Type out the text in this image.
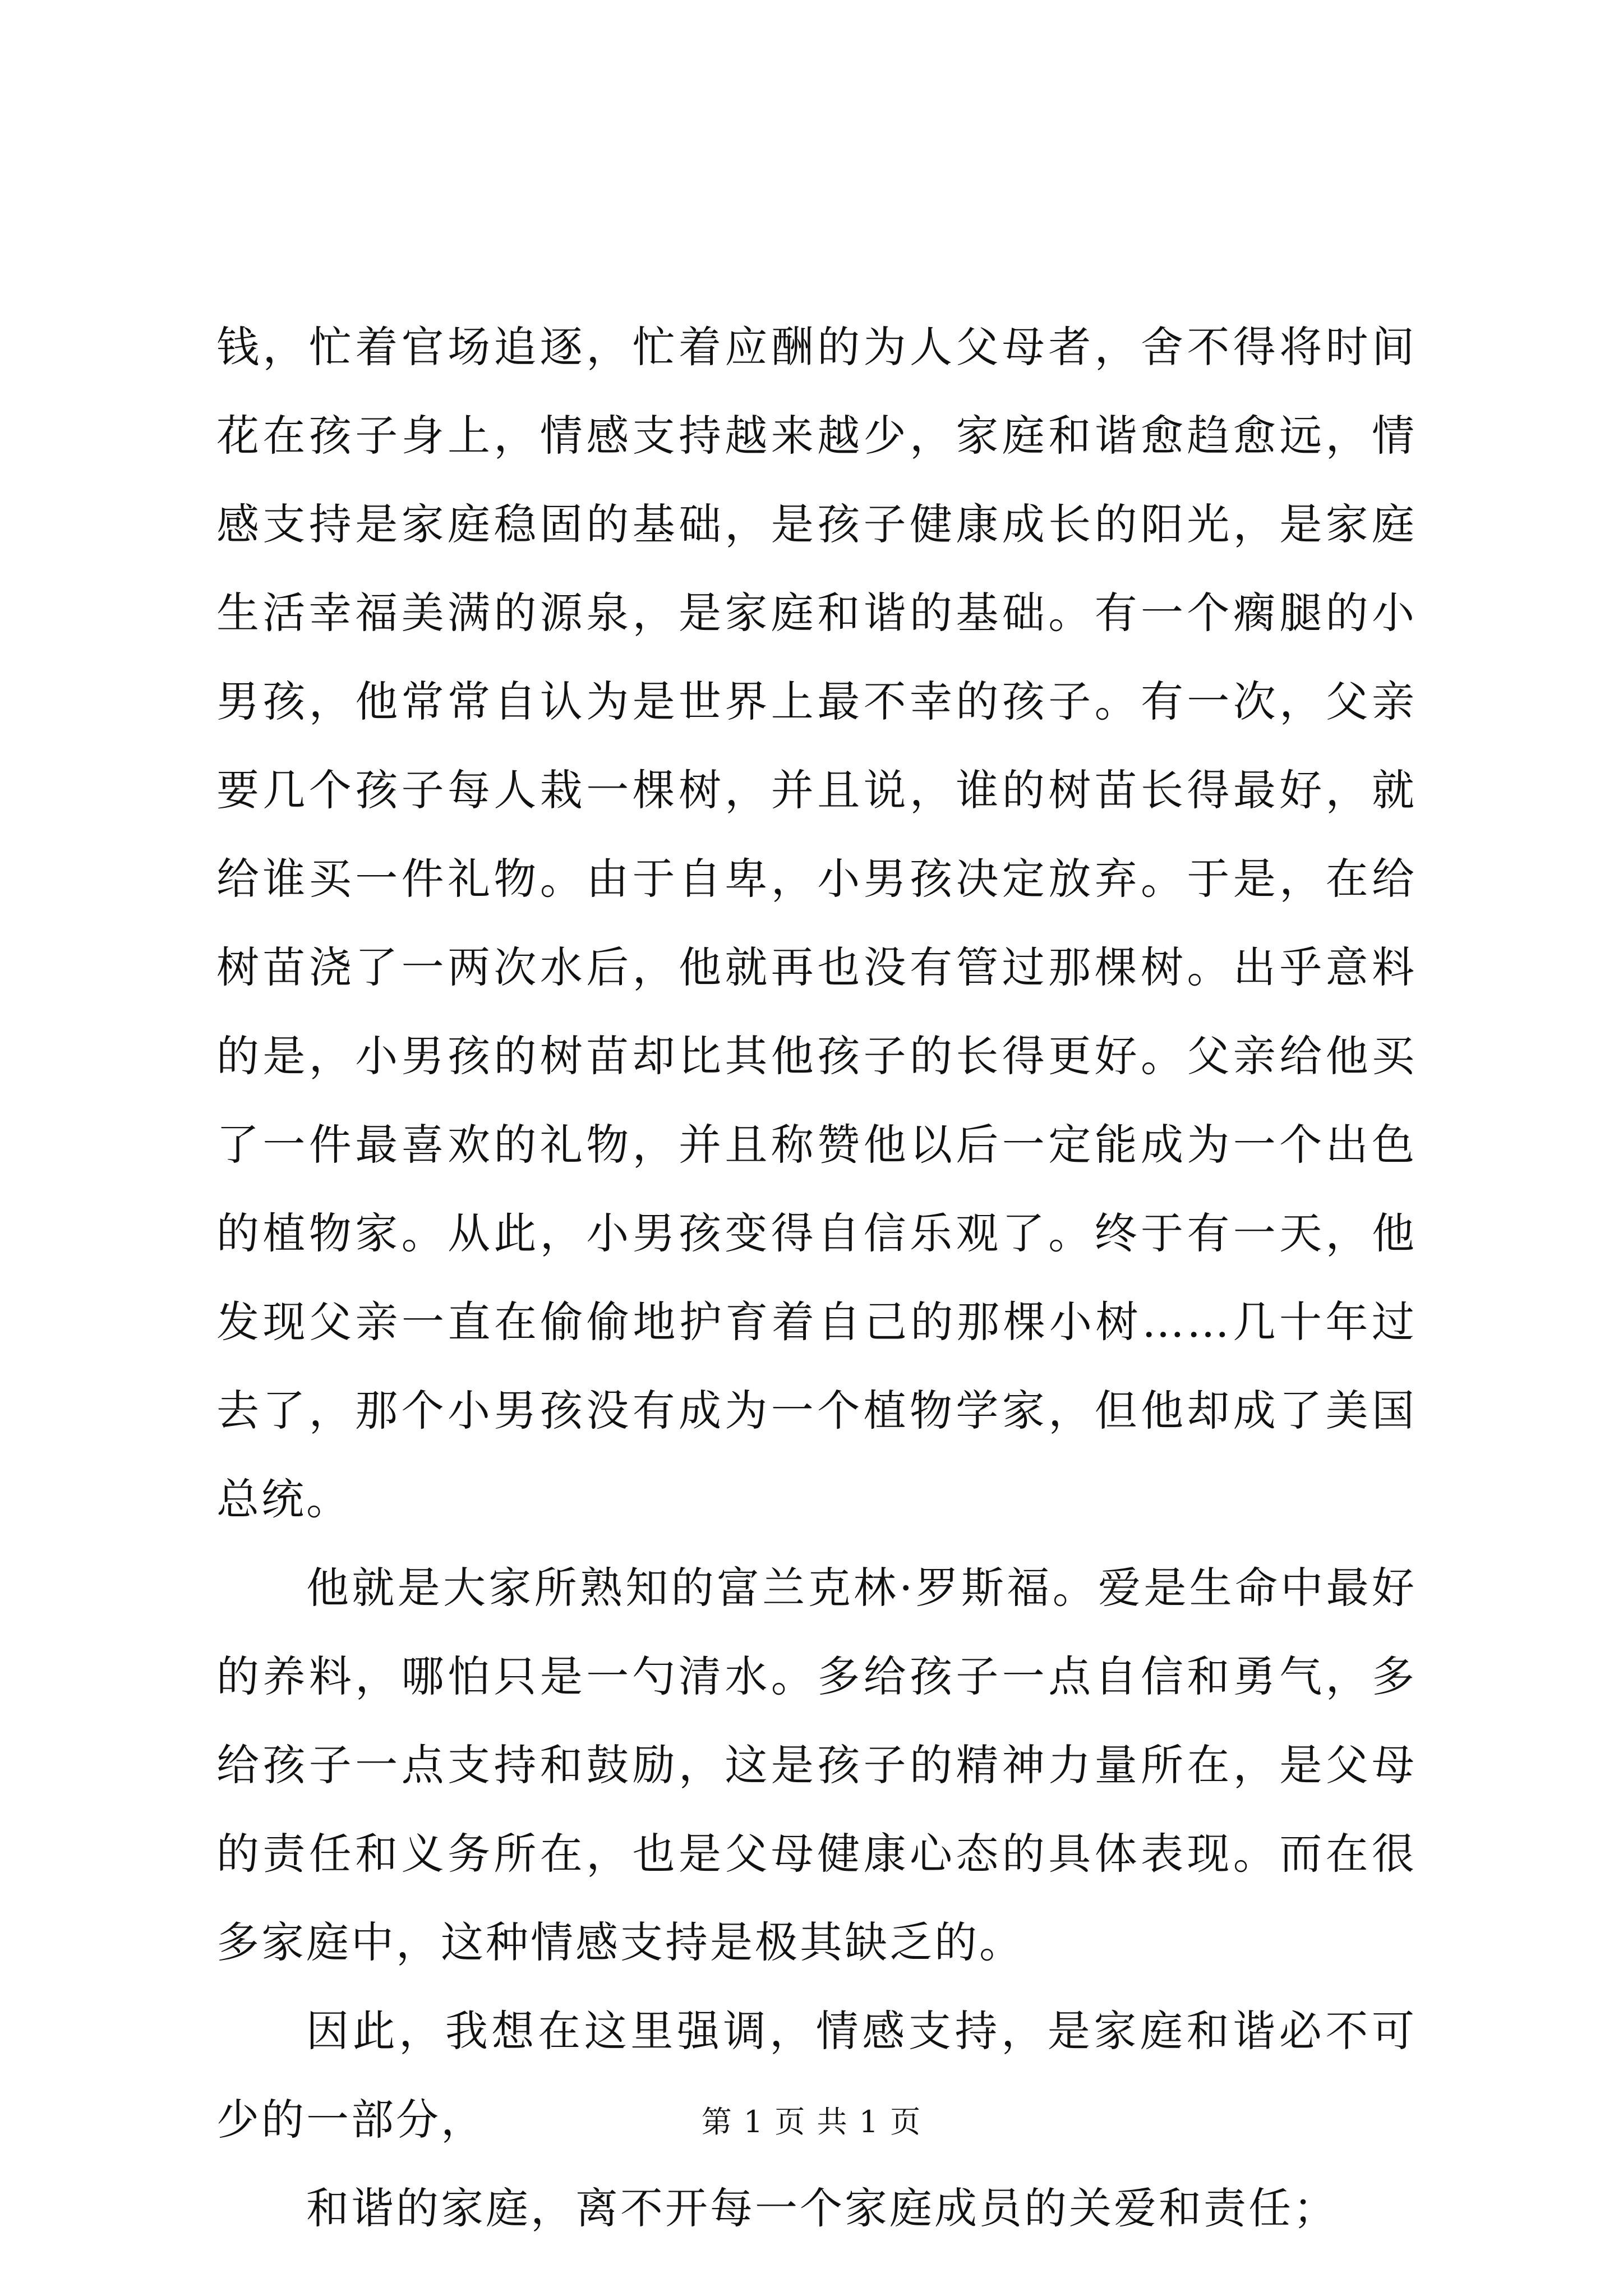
钱，忙着官场追逐，忙着应酬的为人父母者，舍不得将时间花在孩子身上，情感支持越来越少，家庭和谐愈趋愈远，情感支持是家庭稳固的基础，是孩子健康成长的阳光，是家庭生活幸福美满的源泉，是家庭和谐的基础。有一个瘸腿的小男孩，他常常自认为是世界上最不幸的孩子。有一次，父亲要几个孩子每人栽一棵树，并且说，谁的树苗长得最好，就给谁买一件礼物。由于自卑，小男孩决定放弃。于是，在给树苗浇了一两次水后，他就再也没有管过那棵树。出乎意料的是，小男孩的树苗却比其他孩子的长得更好。父亲给他买了一件最喜欢的礼物，并且称赞他以后一定能成为一个出色的植物家。从此，小男孩变得自信乐观了。终于有一天，他发现父亲一直在偷偷地护育着自己的那棵小树……几十年过去了，那个小男孩没有成为一个植物学家，但他却成了美国总统。

他就是大家所熟知的富兰克林·罗斯福。爱是生命中最好的养料，哪怕只是一勺清水。多给孩子一点自信和勇气，多给孩子一点支持和鼓励，这是孩子的精神力量所在，是父母的责任和义务所在，也是父母健康心态的具体表现。而在很多家庭中，这种情感支持是极其缺乏的。

因此，我想在这里强调，情感支持，是家庭和谐必不可少的一部分，

和谐的家庭，离不开每一个家庭成员的关爱和责任；

第 1 页 共 1 页
